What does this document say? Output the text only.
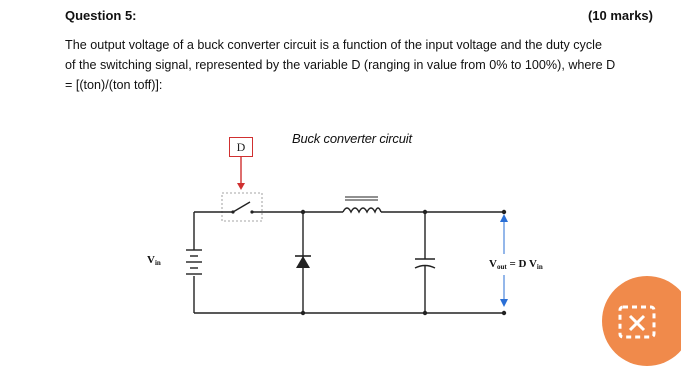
Question 5:	(10 marks)
The output voltage of a buck converter circuit is a function of the input voltage and the duty cycle
of the switching signal, represented by the variable D (ranging in value from 0% to 100%), where D
= [(ton)/(ton toff)]:
Buck converter circuit
D
$V_{in}$	$V_{out} = D$ $V_{in}$
